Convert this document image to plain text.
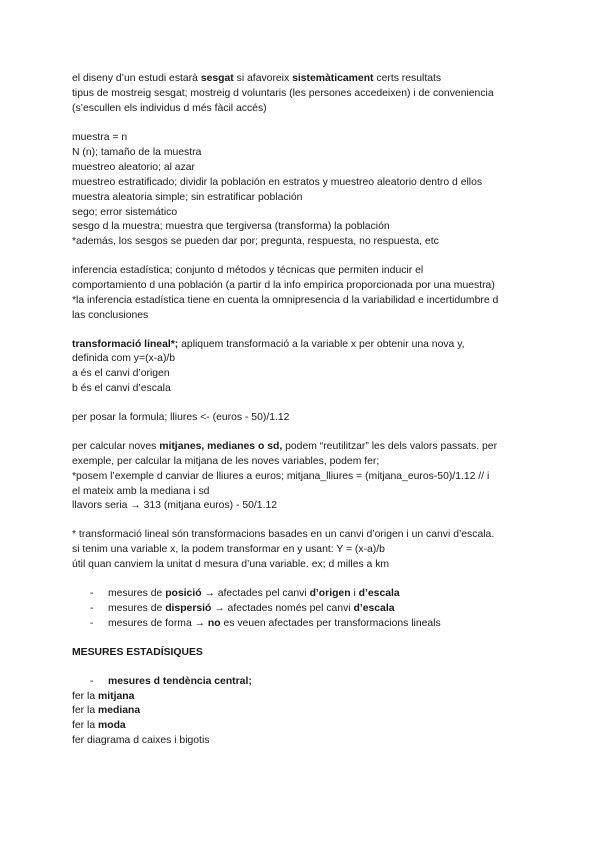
el diseny d’un estudi estarà sesgat si afavoreix sistemàticament certs resultats
tipus de mostreig sesgat; mostreig d voluntaris (les persones accedeixen) i de conveniencia
(s’escullen els individus d més fàcil accés)
muestra = n
N (n); tamaño de la muestra
muestreo aleatorio; al azar
muestreo estratificado; dividir la población en estratos y muestreo aleatorio dentro d ellos
muestra aleatoria simple; sin estratificar población
sego; error sistemático
sesgo d la muestra; muestra que tergiversa (transforma) la población
*además, los sesgos se pueden dar por; pregunta, respuesta, no respuesta, etc
inferencia estadística; conjunto d métodos y técnicas que permiten inducir el
comportamiento d una población (a partir d la info empírica proporcionada por una muestra)
*la inferencia estadística tiene en cuenta la omnipresencia d la variabilidad e incertidumbre d
las conclusiones
transformació lineal*; apliquem transformació a la variable x per obtenir una nova y,
definida com y=(x-a)/b
a és el canvi d’origen
b és el canvi d’escala
per posar la formula; lliures <- (euros - 50)/1.12
per calcular noves mitjanes, medianes o sd, podem “reutilitzar” les dels valors passats. per
exemple, per calcular la mitjana de les noves variables, podem fer;
*posem l’exemple d canviar de lliures a euros; mitjana_lliures = (mitjana_euros-50)/1.12 // i
el mateix amb la mediana i sd
llavors seria → 313 (mitjana euros) - 50/1.12
* transformació lineal són transformacions basades en un canvi d’origen i un canvi d’escala.
si tenim una variable x, la podem transformar en y usant: Y = (x-a)/b
útil quan canviem la unitat d mesura d’una variable. ex; d milles a km
- mesures de posició → afectades pel canvi d’origen i d’escala
- mesures de dispersió → afectades només pel canvi d’escala
- mesures de forma → no es veuen afectades per transformacions lineals
MESURES ESTADÍSIQUES
- mesures d tendència central;
fer la mitjana
fer la mediana
fer la moda
fer diagrama d caixes i bigotis
